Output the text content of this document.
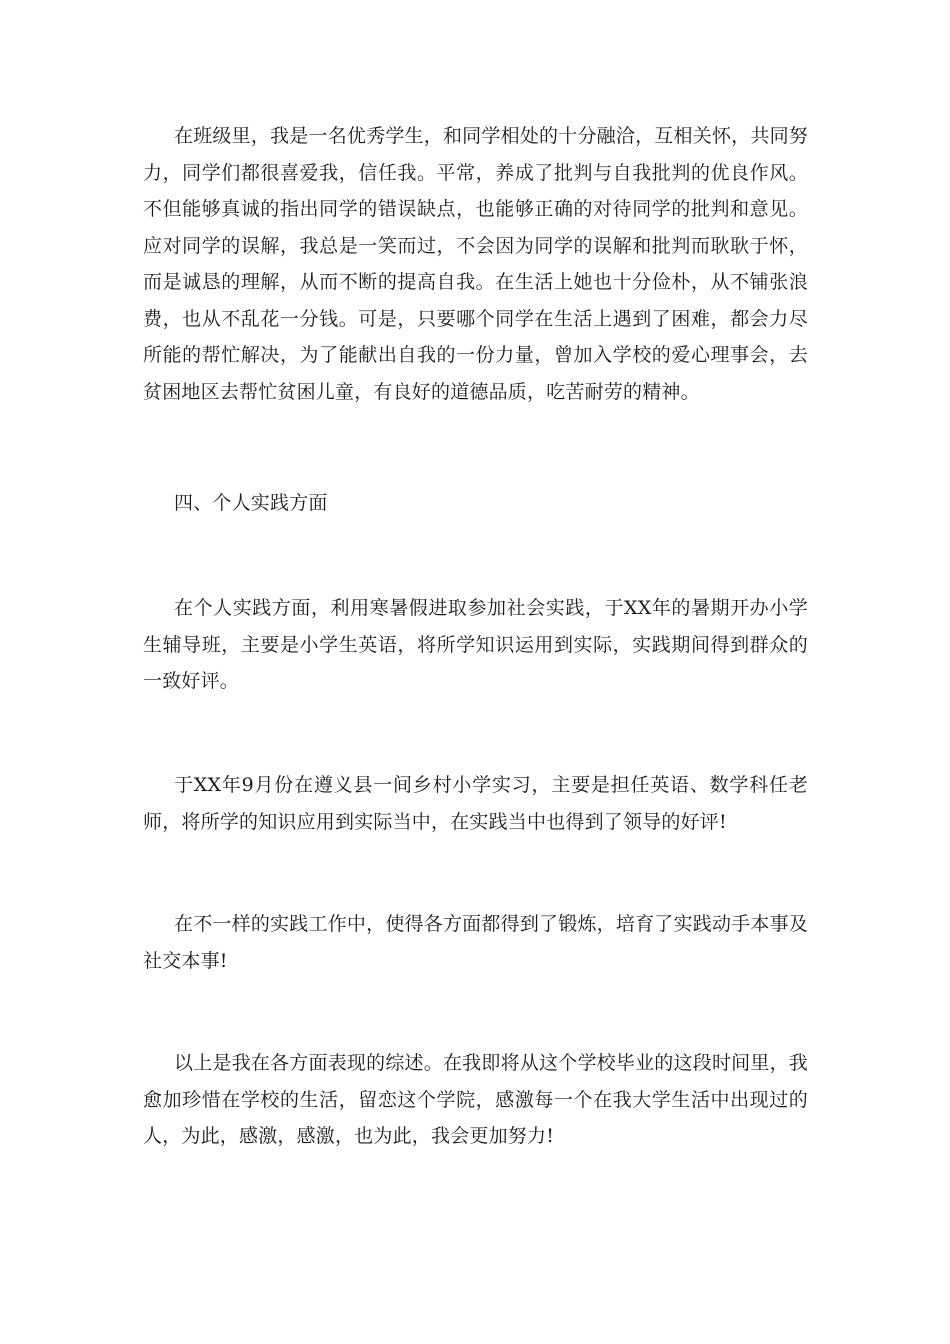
在班级里，我是一名优秀学生，和同学相处的十分融洽，互相关怀，共同努力，同学们都很喜爱我，信任我。平常，养成了批判与自我批判的优良作风。不但能够真诚的指出同学的错误缺点，也能够正确的对待同学的批判和意见。应对同学的误解，我总是一笑而过，不会因为同学的误解和批判而耿耿于怀，而是诚恳的理解，从而不断的提高自我。在生活上她也十分俭朴，从不铺张浪费，也从不乱花一分钱。可是，只要哪个同学在生活上遇到了困难，都会力尽所能的帮忙解决，为了能献出自我的一份力量，曾加入学校的爱心理事会，去贫困地区去帮忙贫困儿童，有良好的道德品质，吃苦耐劳的精神。

四、个人实践方面

在个人实践方面，利用寒暑假进取参加社会实践，于XX年的暑期开办小学生辅导班，主要是小学生英语，将所学知识运用到实际，实践期间得到群众的一致好评。

于XX年9月份在遵义县一间乡村小学实习，主要是担任英语、数学科任老师，将所学的知识应用到实际当中，在实践当中也得到了领导的好评!

在不一样的实践工作中，使得各方面都得到了锻炼，培育了实践动手本事及社交本事!

以上是我在各方面表现的综述。在我即将从这个学校毕业的这段时间里，我愈加珍惜在学校的生活，留恋这个学院，感激每一个在我大学生活中出现过的人，为此，感激，感激，也为此，我会更加努力!
